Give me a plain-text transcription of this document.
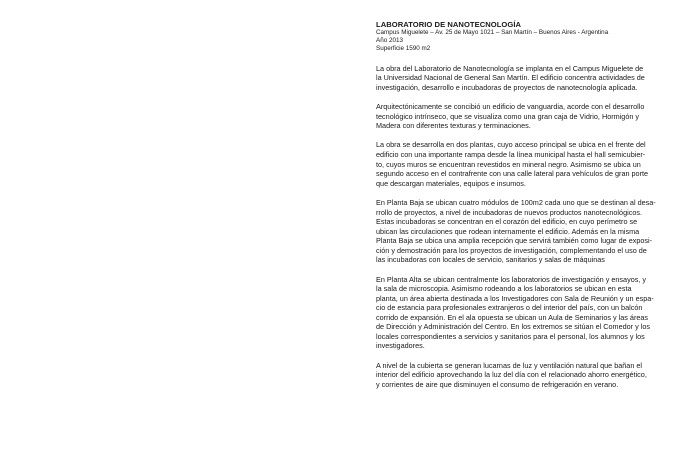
LABORATORIO DE NANOTECNOLOGÍA

Campus Miguelete – Av. 25 de Mayo 1021 – San Martín – Buenos Aires - Argentina
Año 2013
Superficie 1590 m2

La obra del Laboratorio de Nanotecnología se implanta en el Campus Miguelete de
la Universidad Nacional de General San Martín. El edificio concentra actividades de
investigación, desarrollo e incubadoras de proyectos de nanotecnología aplicada.

Arquitectónicamente se concibió un edificio de vanguardia, acorde con el desarrollo
tecnológico intrínseco, que se visualiza como una gran caja de Vidrio, Hormigón y
Madera con diferentes texturas y terminaciones.

La obra se desarrolla en dos plantas, cuyo acceso principal se ubica en el frente del
edificio con una importante rampa desde la línea municipal hasta el hall semicubier-
to, cuyos muros se encuentran revestidos en mineral negro. Asimismo se ubica un
segundo acceso en el contrafrente con una calle lateral para vehículos de gran porte
que descargan materiales, equipos e insumos.

En Planta Baja se ubican cuatro módulos de 100m2 cada uno que se destinan al desa-
rrollo de proyectos, a nivel de incubadoras de nuevos productos nanotecnológicos.
Estas incubadoras se concentran en el corazón del edificio, en cuyo perímetro se
ubican las circulaciones que rodean internamente el edificio. Además en la misma
Planta Baja se ubica una amplia recepción que servirá también como lugar de exposi-
ción y demostración para los proyectos de investigación, complementando el uso de
las incubadoras con locales de servicio, sanitarios y salas de máquinas

En Planta Alta se ubican centralmente los laboratorios de investigación y ensayos, y
la sala de microscopia. Asimismo rodeando a los laboratorios se ubican en esta
planta, un área abierta destinada a los Investigadores con Sala de Reunión y un espa-
cio de estancia para profesionales extranjeros o del interior del país, con un balcón
corrido de expansión. En el ala opuesta se ubican un Aula de Seminarios y las áreas
de Dirección y Administración del Centro. En los extremos se sitúan el Comedor y los
locales correspondientes a servicios y sanitarios para el personal, los alumnos y los
investigadores.

A nivel de la cubierta se generan lucarnas de luz y ventilación natural que bañan el
interior del edificio aprovechando la luz del día con el relacionado ahorro energético,
y corrientes de aire que disminuyen el consumo de refrigeración en verano.
